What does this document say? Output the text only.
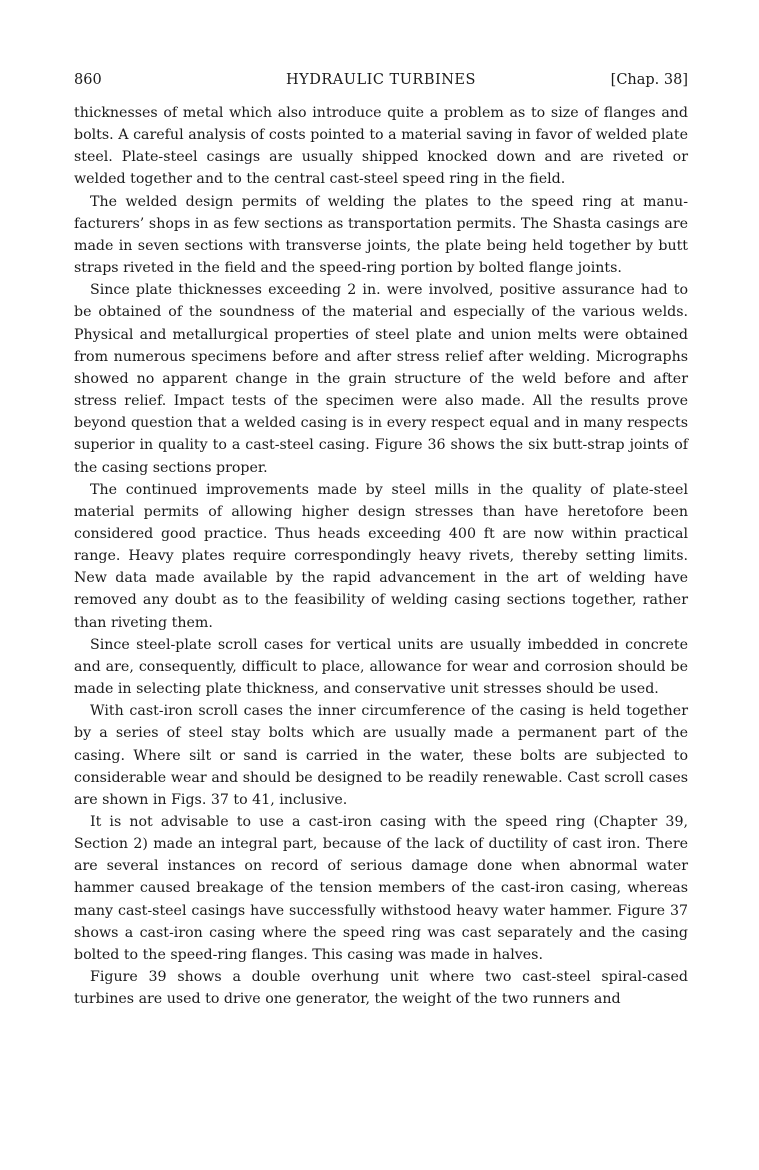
860	HYDRAULIC TURBINES	[Chap. 38]

thicknesses of metal which also introduce quite a problem as to size of flanges and bolts. A careful analysis of costs pointed to a material saving in favor of welded plate steel. Plate-steel casings are usually shipped knocked down and are riveted or welded together and to the central cast-steel speed ring in the field.

The welded design permits of welding the plates to the speed ring at manufacturers’ shops in as few sections as transportation permits. The Shasta casings are made in seven sections with transverse joints, the plate being held together by butt straps riveted in the field and the speed-ring portion by bolted flange joints.

Since plate thicknesses exceeding 2 in. were involved, positive assurance had to be obtained of the soundness of the material and especially of the various welds. Physical and metallurgical properties of steel plate and union melts were obtained from numerous specimens before and after stress relief after welding. Micrographs showed no apparent change in the grain structure of the weld before and after stress relief. Impact tests of the specimen were also made. All the results prove beyond question that a welded casing is in every respect equal and in many respects superior in quality to a cast-steel casing. Figure 36 shows the six butt-strap joints of the casing sections proper.

The continued improvements made by steel mills in the quality of plate-steel material permits of allowing higher design stresses than have heretofore been considered good practice. Thus heads exceeding 400 ft are now within practical range. Heavy plates require correspondingly heavy rivets, thereby setting limits. New data made available by the rapid advancement in the art of welding have removed any doubt as to the feasibility of welding casing sections together, rather than riveting them.

Since steel-plate scroll cases for vertical units are usually imbedded in concrete and are, consequently, difficult to place, allowance for wear and corrosion should be made in selecting plate thickness, and conservative unit stresses should be used.

With cast-iron scroll cases the inner circumference of the casing is held together by a series of steel stay bolts which are usually made a permanent part of the casing. Where silt or sand is carried in the water, these bolts are subjected to considerable wear and should be designed to be readily renewable. Cast scroll cases are shown in Figs. 37 to 41, inclusive.

It is not advisable to use a cast-iron casing with the speed ring (Chapter 39, Section 2) made an integral part, because of the lack of ductility of cast iron. There are several instances on record of serious damage done when abnormal water hammer caused breakage of the tension members of the cast-iron casing, whereas many cast-steel casings have successfully withstood heavy water hammer. Figure 37 shows a cast-iron casing where the speed ring was cast separately and the casing bolted to the speed-ring flanges. This casing was made in halves.

Figure 39 shows a double overhung unit where two cast-steel spiral-cased turbines are used to drive one generator, the weight of the two runners and
